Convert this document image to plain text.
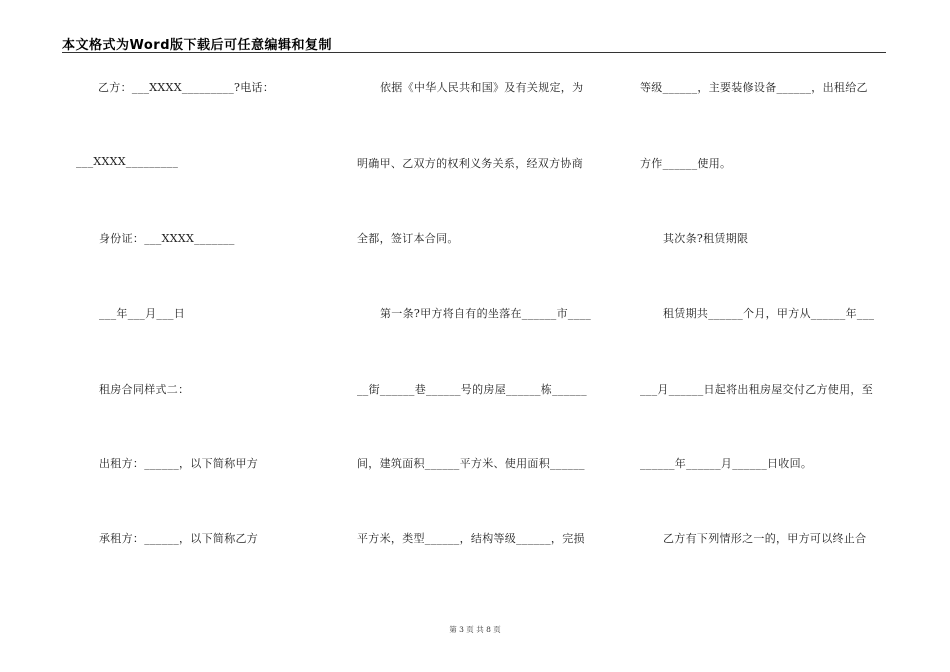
本文格式为Word版下载后可任意编辑和复制
乙方：___XXXX_________?电话：
___XXXX_________
身份证：___XXXX_______
___年___月___日
租房合同样式二：
出租方：______，以下简称甲方
承租方：______，以下简称乙方
依据《中华人民共和国》及有关规定，为
明确甲、乙双方的权利义务关系，经双方协商
全都，签订本合同。
第一条?甲方将自有的坐落在______市____
__街______巷______号的房屋______栋______
间，建筑面积______平方米、使用面积______
平方米，类型______，结构等级______，完损
等级______，主要装修设备______，出租给乙
方作______使用。
其次条?租赁期限
租赁期共______个月，甲方从______年___
___月______日起将出租房屋交付乙方使用，至
______年______月______日收回。
乙方有下列情形之一的，甲方可以终止合
第 3 页 共 8 页
